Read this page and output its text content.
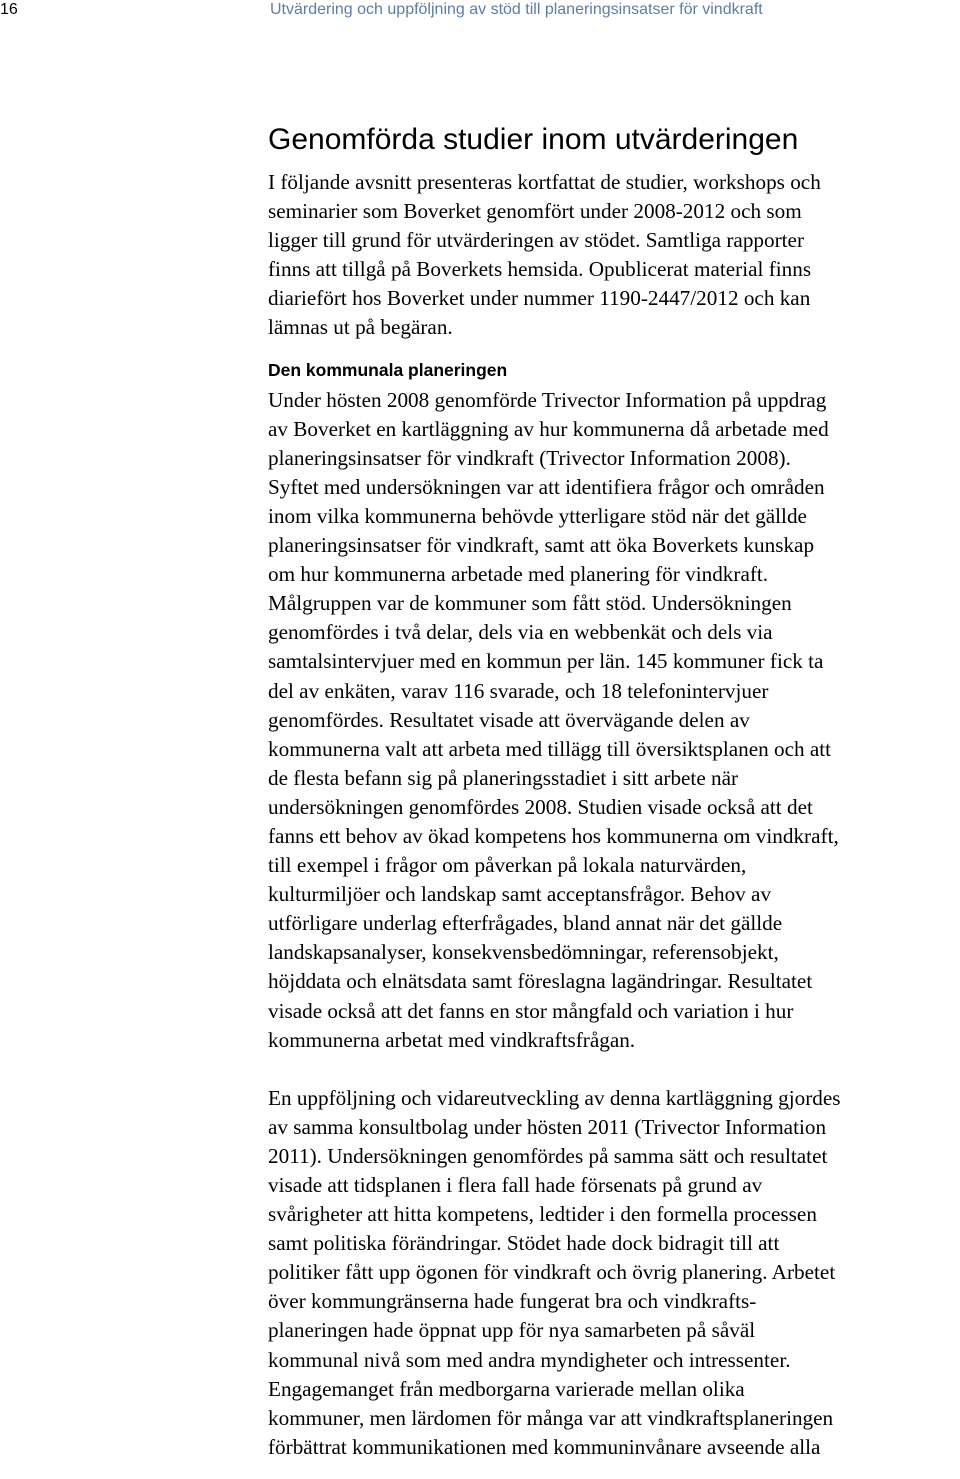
16	Utvärdering och uppföljning av stöd till planeringsinsatser för vindkraft
Genomförda studier inom utvärderingen

I följande avsnitt presenteras kortfattat de studier, workshops och
seminarier som Boverket genomfört under 2008-2012 och som
ligger till grund för utvärderingen av stödet. Samtliga rapporter
finns att tillgå på Boverkets hemsida. Opublicerat material finns
diariefört hos Boverket under nummer 1190-2447/2012 och kan
lämnas ut på begäran.

Den kommunala planeringen

Under hösten 2008 genomförde Trivector Information på uppdrag
av Boverket en kartläggning av hur kommunerna då arbetade med
planeringsinsatser för vindkraft (Trivector Information 2008).
Syftet med undersökningen var att identifiera frågor och områden
inom vilka kommunerna behövde ytterligare stöd när det gällde
planeringsinsatser för vindkraft, samt att öka Boverkets kunskap
om hur kommunerna arbetade med planering för vindkraft.
Målgruppen var de kommuner som fått stöd. Undersökningen
genomfördes i två delar, dels via en webbenkät och dels via
samtalsintervjuer med en kommun per län. 145 kommuner fick ta
del av enkäten, varav 116 svarade, och 18 telefonintervjuer
genomfördes. Resultatet visade att övervägande delen av
kommunerna valt att arbeta med tillägg till översiktsplanen och att
de flesta befann sig på planeringsstadiet i sitt arbete när
undersökningen genomfördes 2008. Studien visade också att det
fanns ett behov av ökad kompetens hos kommunerna om vindkraft,
till exempel i frågor om påverkan på lokala naturvärden,
kulturmiljöer och landskap samt acceptansfrågor. Behov av
utförligare underlag efterfrågades, bland annat när det gällde
landskapsanalyser, konsekvensbedömningar, referensobjekt,
höjddata och elnätsdata samt föreslagna lagändringar. Resultatet
visade också att det fanns en stor mångfald och variation i hur
kommunerna arbetat med vindkraftsfrågan.

En uppföljning och vidareutveckling av denna kartläggning gjordes
av samma konsultbolag under hösten 2011 (Trivector Information
2011). Undersökningen genomfördes på samma sätt och resultatet
visade att tidsplanen i flera fall hade försenats på grund av
svårigheter att hitta kompetens, ledtider i den formella processen
samt politiska förändringar. Stödet hade dock bidragit till att
politiker fått upp ögonen för vindkraft och övrig planering. Arbetet
över kommungränserna hade fungerat bra och vindkrafts-
planeringen hade öppnat upp för nya samarbeten på såväl
kommunal nivå som med andra myndigheter och intressenter.
Engagemanget från medborgarna varierade mellan olika
kommuner, men lärdomen för många var att vindkraftsplaneringen
förbättrat kommunikationen med kommuninvånare avseende alla
